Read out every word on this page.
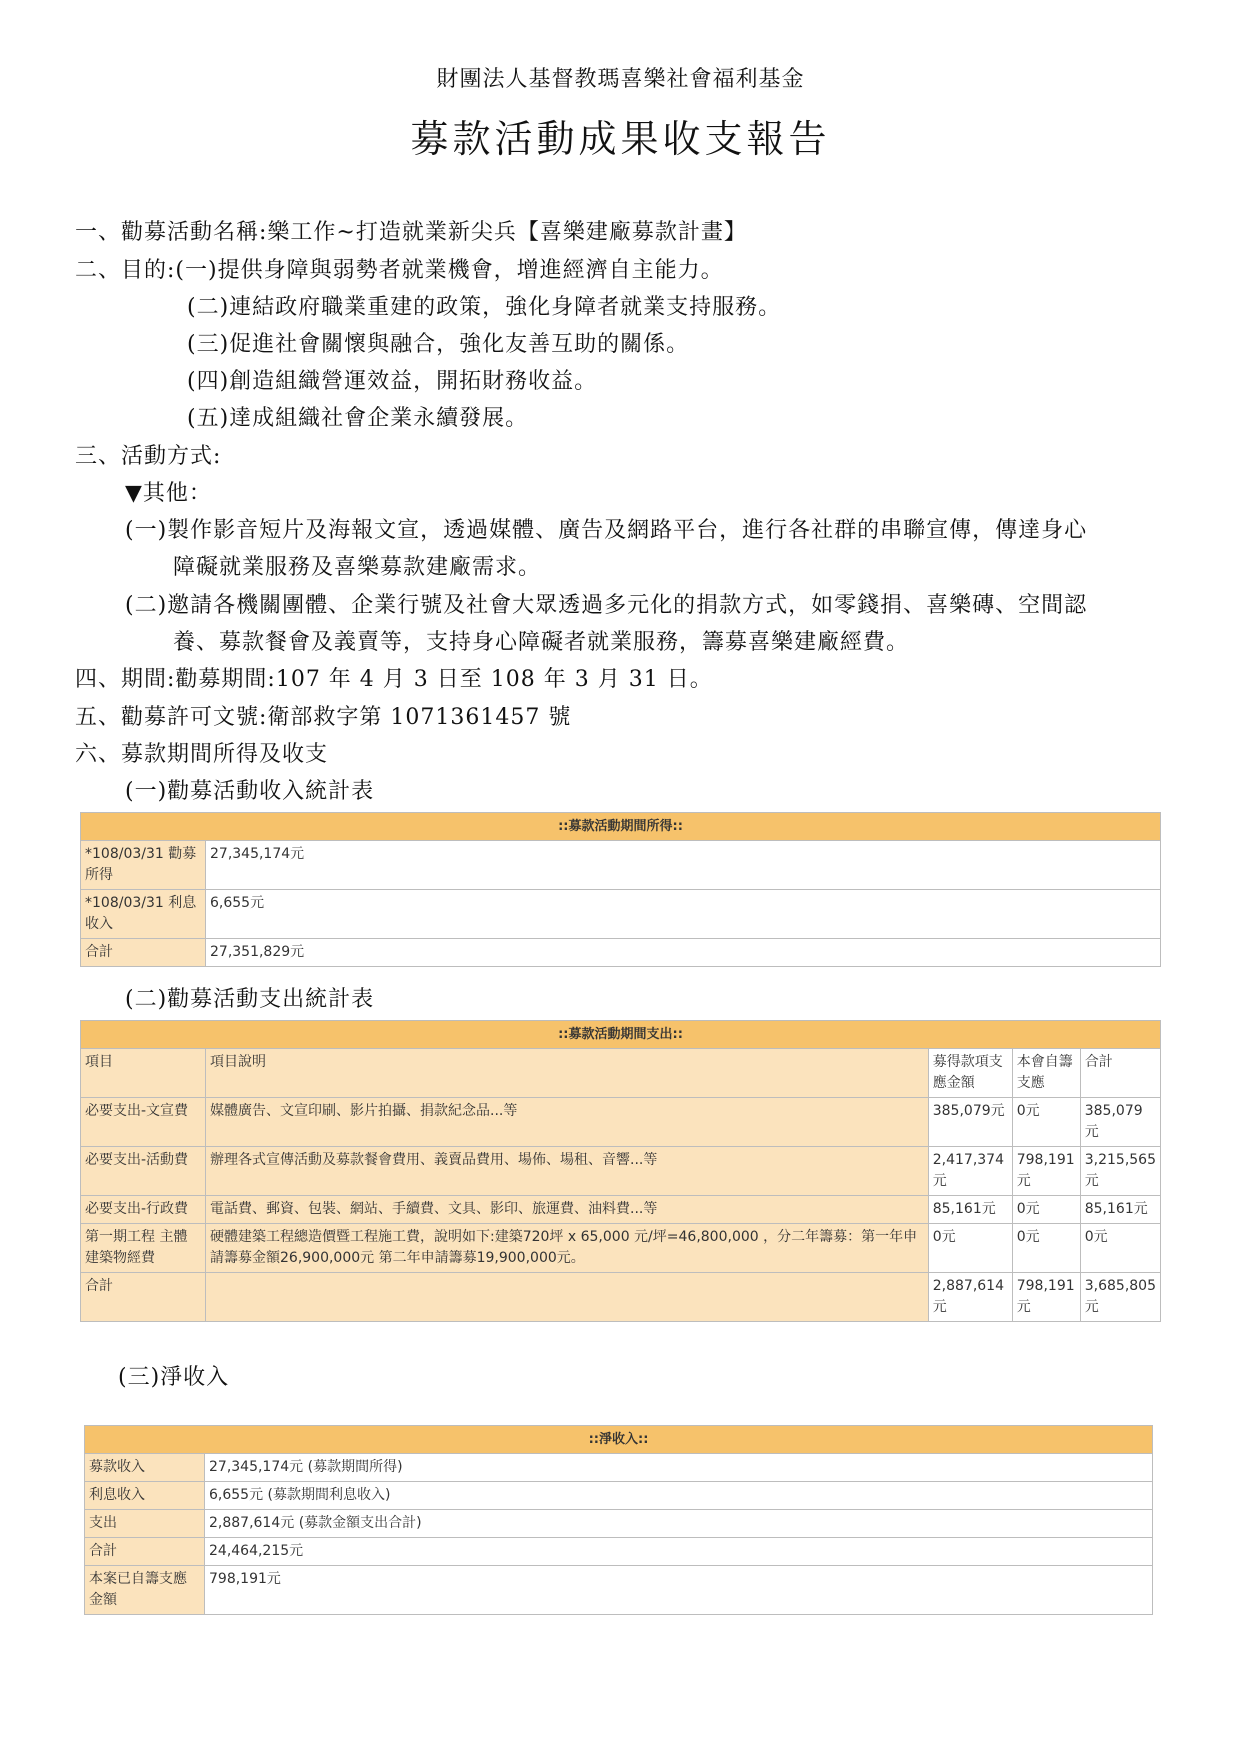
財團法人基督教瑪喜樂社會福利基金
募款活動成果收支報告
一、勸募活動名稱:樂工作~打造就業新尖兵【喜樂建廠募款計畫】
二、目的:(一)提供身障與弱勢者就業機會，增進經濟自主能力。
(二)連結政府職業重建的政策，強化身障者就業支持服務。
(三)促進社會關懷與融合，強化友善互助的關係。
(四)創造組織營運效益，開拓財務收益。
(五)達成組織社會企業永續發展。
三、活動方式:
▼其他：
(一)製作影音短片及海報文宣，透過媒體、廣告及網路平台，進行各社群的串聯宣傳，傳達身心
障礙就業服務及喜樂募款建廠需求。
(二)邀請各機關團體、企業行號及社會大眾透過多元化的捐款方式，如零錢捐、喜樂磚、空間認
養、募款餐會及義賣等，支持身心障礙者就業服務，籌募喜樂建廠經費。
四、期間:勸募期間:107 年 4 月 3 日至 108 年 3 月 31 日。
五、勸募許可文號:衛部救字第 1071361457 號
六、募款期間所得及收支
(一)勸募活動收入統計表
::募款活動期間所得::	
*108/03/31 勸募所得	27,345,174元
*108/03/31 利息收入	6,655元
合計	27,351,829元
(二)勸募活動支出統計表
::募款活動期間支出::				
項目	項目說明	募得款項支應金額	本會自籌支應	合計
必要支出-文宣費	媒體廣告、文宣印刷、影片拍攝、捐款紀念品...等	385,079元	0元	385,079元
必要支出-活動費	辦理各式宣傳活動及募款餐會費用、義賣品費用、場佈、場租、音響...等	2,417,374元	798,191元	3,215,565元
必要支出-行政費	電話費、郵資、包裝、網站、手續費、文具、影印、旅運費、油料費...等	85,161元	0元	85,161元
第一期工程 主體建築物經費	硬體建築工程總造價暨工程施工費，說明如下:建築720坪 x 65,000 元/坪=46,800,000 ，分二年籌募：第一年申請籌募金額26,900,000元 第二年申請籌募19,900,000元。	0元	0元	0元
合計		2,887,614元	798,191元	3,685,805元
(三)淨收入
::淨收入::	
募款收入	27,345,174元 (募款期間所得)
利息收入	6,655元 (募款期間利息收入)
支出	2,887,614元 (募款金額支出合計)
合計	24,464,215元
本案已自籌支應金額	798,191元
